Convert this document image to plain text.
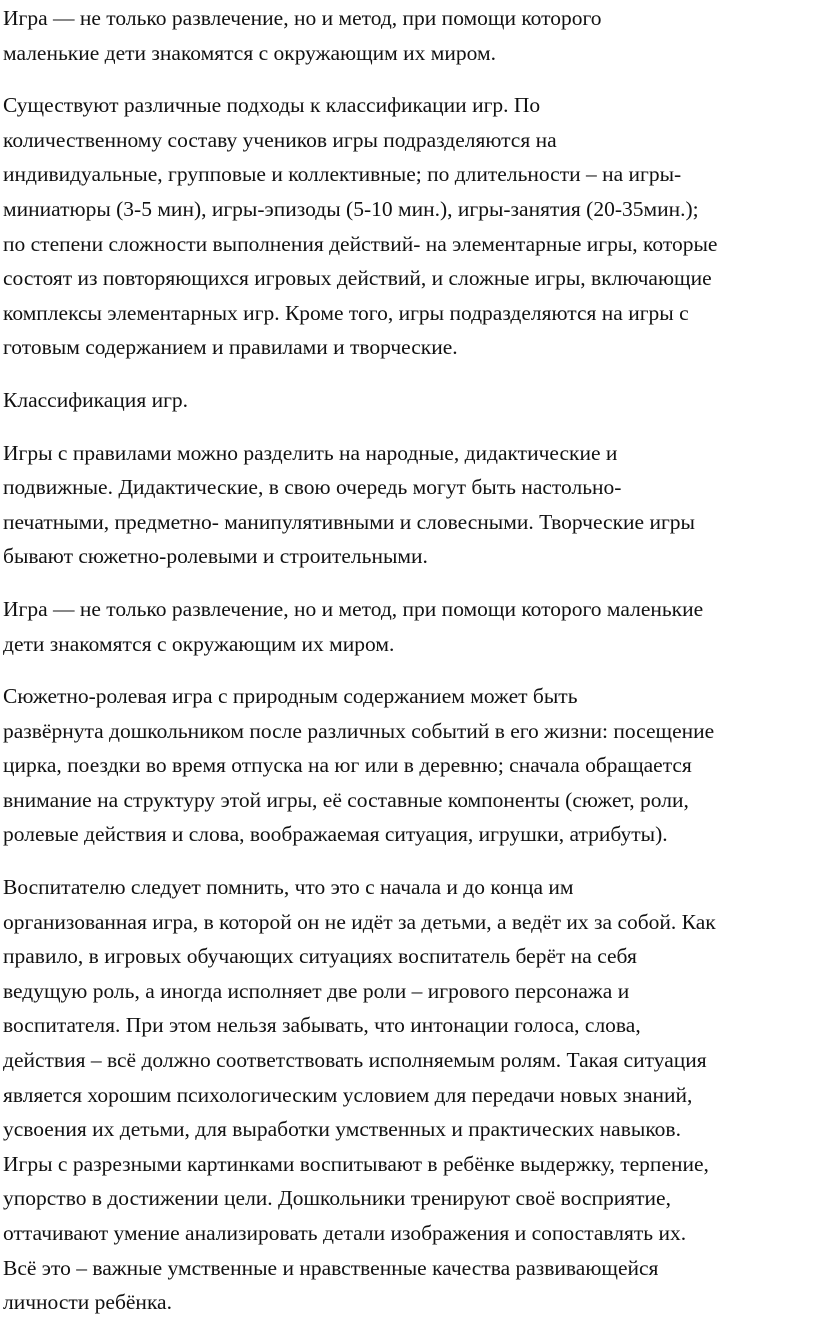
Игра — не только развлечение, но и метод, при помощи которого
маленькие дети знакомятся с окружающим их миром.

Существуют различные подходы к классификации игр. По
количественному составу учеников игры подразделяются на
индивидуальные, групповые и коллективные; по длительности – на игры-
миниатюры (3-5 мин), игры-эпизоды (5-10 мин.), игры-занятия (20-35мин.);
по степени сложности выполнения действий- на элементарные игры, которые
состоят из повторяющихся игровых действий, и сложные игры, включающие
комплексы элементарных игр. Кроме того, игры подразделяются на игры с
готовым содержанием и правилами и творческие.

Классификация игр.

Игры с правилами можно разделить на народные, дидактические и
подвижные. Дидактические, в свою очередь могут быть настольно-
печатными, предметно- манипулятивными и словесными. Творческие игры
бывают сюжетно-ролевыми и строительными.

Игра — не только развлечение, но и метод, при помощи которого маленькие
дети знакомятся с окружающим их миром.

Сюжетно-ролевая игра с природным содержанием может быть
развёрнута дошкольником после различных событий в его жизни: посещение
цирка, поездки во время отпуска на юг или в деревню; сначала обращается
внимание на структуру этой игры, её составные компоненты (сюжет, роли,
ролевые действия и слова, воображаемая ситуация, игрушки, атрибуты).

Воспитателю следует помнить, что это с начала и до конца им
организованная игра, в которой он не идёт за детьми, а ведёт их за собой. Как
правило, в игровых обучающих ситуациях воспитатель берёт на себя
ведущую роль, а иногда исполняет две роли – игрового персонажа и
воспитателя. При этом нельзя забывать, что интонации голоса, слова,
действия – всё должно соответствовать исполняемым ролям. Такая ситуация
является хорошим психологическим условием для передачи новых знаний,
усвоения их детьми, для выработки умственных и практических навыков.
Игры с разрезными картинками воспитывают в ребёнке выдержку, терпение,
упорство в достижении цели. Дошкольники тренируют своё восприятие,
оттачивают умение анализировать детали изображения и сопоставлять их.
Всё это – важные умственные и нравственные качества развивающейся
личности ребёнка.
